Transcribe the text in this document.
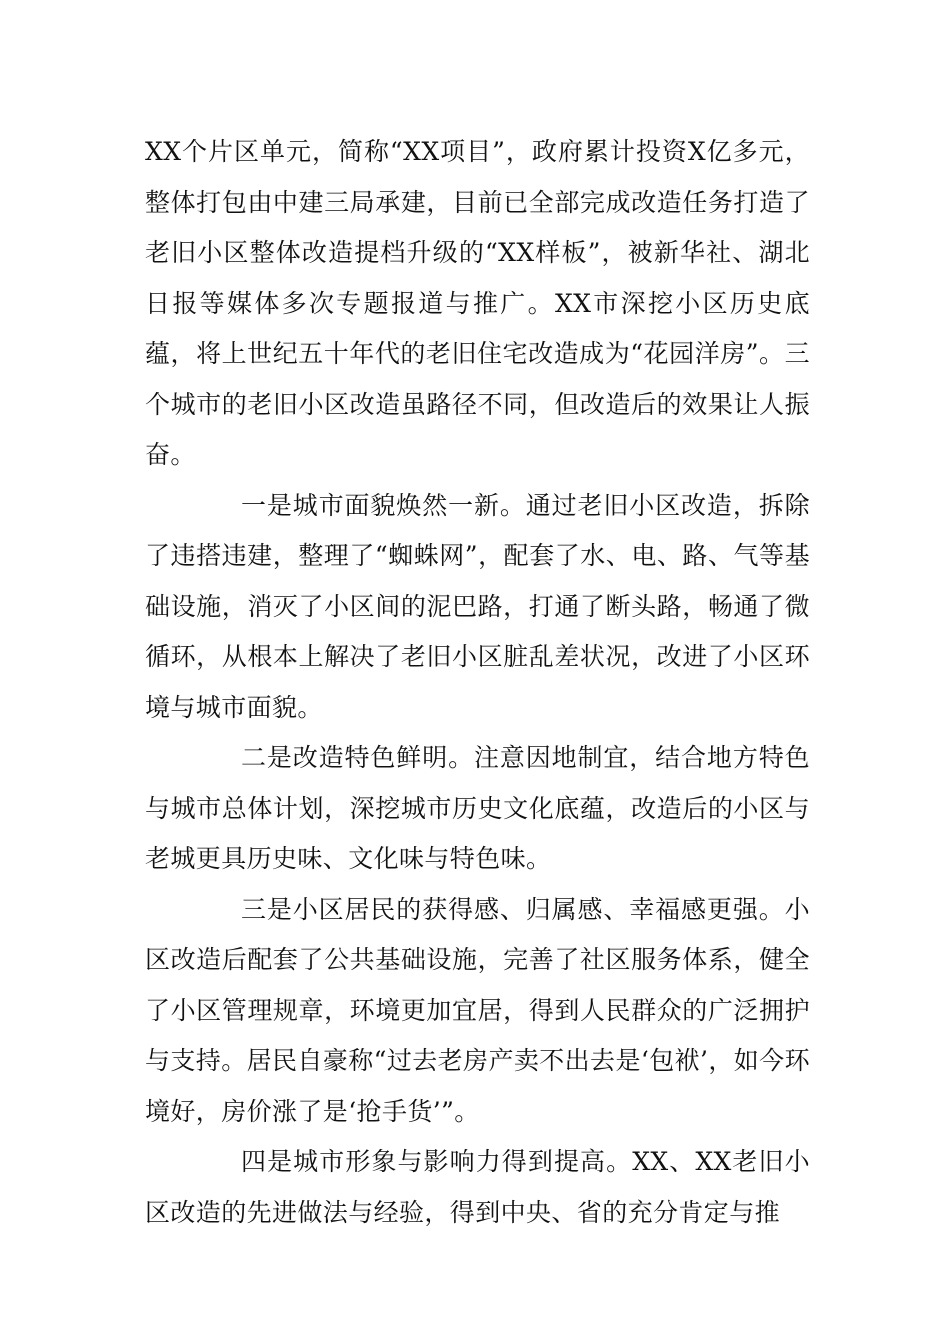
XX个片区单元，简称“XX项目”，政府累计投资X亿多元，整体打包由中建三局承建，目前已全部完成改造任务打造了老旧小区整体改造提档升级的“XX样板”，被新华社、湖北日报等媒体多次专题报道与推广。XX市深挖小区历史底蕴，将上世纪五十年代的老旧住宅改造成为“花园洋房”。三个城市的老旧小区改造虽路径不同，但改造后的效果让人振奋。

一是城市面貌焕然一新。通过老旧小区改造，拆除了违搭违建，整理了“蜘蛛网”，配套了水、电、路、气等基础设施，消灭了小区间的泥巴路，打通了断头路，畅通了微循环，从根本上解决了老旧小区脏乱差状况，改进了小区环境与城市面貌。

二是改造特色鲜明。注意因地制宜，结合地方特色与城市总体计划，深挖城市历史文化底蕴，改造后的小区与老城更具历史味、文化味与特色味。

三是小区居民的获得感、归属感、幸福感更强。小区改造后配套了公共基础设施，完善了社区服务体系，健全了小区管理规章，环境更加宜居，得到人民群众的广泛拥护与支持。居民自豪称“过去老房产卖不出去是‘包袱’，如今环境好，房价涨了是‘抢手货’”。

四是城市形象与影响力得到提高。XX、XX老旧小区改造的先进做法与经验，得到中央、省的充分肯定与推
